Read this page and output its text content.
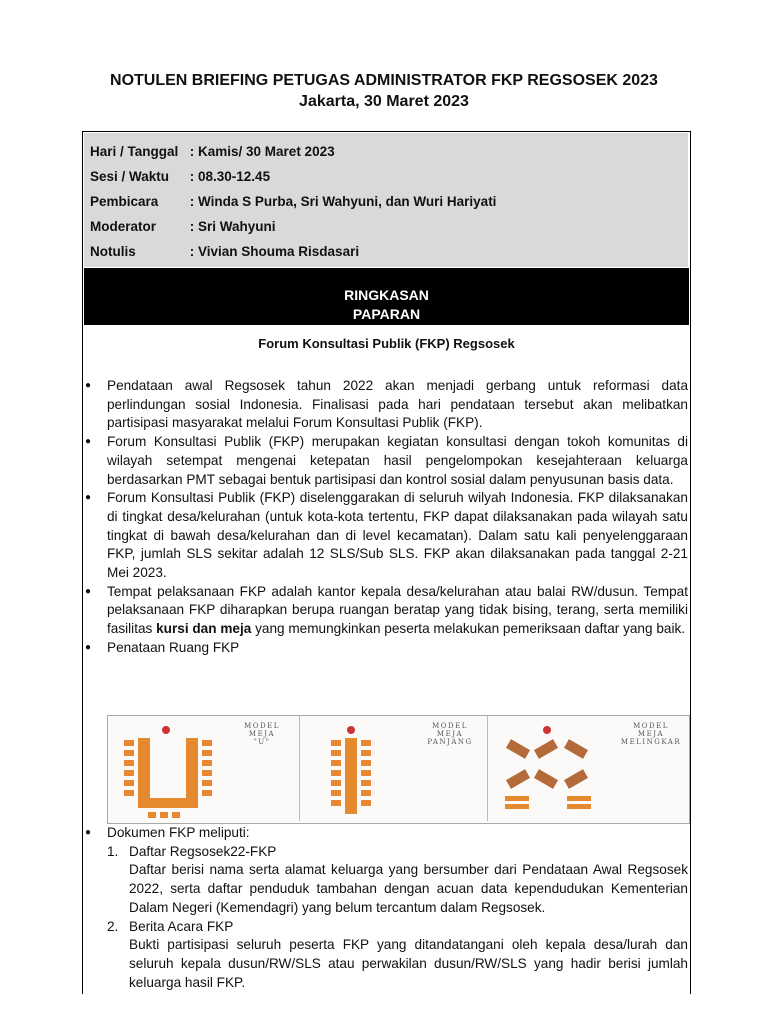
NOTULEN BRIEFING PETUGAS ADMINISTRATOR FKP REGSOSEK 2023
Jakarta, 30 Maret 2023
Hari / Tanggal : Kamis/ 30 Maret 2023
Sesi / Waktu : 08.30-12.45
Pembicara : Winda S Purba, Sri Wahyuni, dan Wuri Hariyati
Moderator	: Sri Wahyuni
Notulis	: Vivian Shouma Risdasari
RINGKASAN
PAPARAN
Forum Konsultasi Publik (FKP) Regsosek
● Pendataan awal Regsosek tahun 2022 akan menjadi gerbang untuk reformasi data perlindungan sosial Indonesia. Finalisasi pada hari pendataan tersebut akan melibatkan partisipasi masyarakat melalui Forum Konsultasi Publik (FKP).
● Forum Konsultasi Publik (FKP) merupakan kegiatan konsultasi dengan tokoh komunitas di wilayah setempat mengenai ketepatan hasil pengelompokan kesejahteraan keluarga berdasarkan PMT sebagai bentuk partisipasi dan kontrol sosial dalam penyusunan basis data.
● Forum Konsultasi Publik (FKP) diselenggarakan di seluruh wilyah Indonesia. FKP dilaksanakan di tingkat desa/kelurahan (untuk kota-kota tertentu, FKP dapat dilaksanakan pada wilayah satu tingkat di bawah desa/kelurahan dan di level kecamatan). Dalam satu kali penyelenggaraan FKP, jumlah SLS sekitar adalah 12 SLS/Sub SLS. FKP akan dilaksanakan pada tanggal 2-21 Mei 2023.
● Tempat pelaksanaan FKP adalah kantor kepala desa/kelurahan atau balai RW/dusun. Tempat pelaksanaan FKP diharapkan berupa ruangan beratap yang tidak bising, terang, serta memiliki fasilitas kursi dan meja yang memungkinkan peserta melakukan pemeriksaan daftar yang baik.
● Penataan Ruang FKP
MODEL MEJA
"U"
MODEL MEJA
PANJANG
MODEL MEJA
MELINGKAR
● Dokumen FKP meliputi:
1. Daftar Regsosek22-FKP
Daftar berisi nama serta alamat keluarga yang bersumber dari Pendataan Awal Regsosek 2022, serta daftar penduduk tambahan dengan acuan data kependudukan Kementerian Dalam Negeri (Kemendagri) yang belum tercantum dalam Regsosek.
2. Berita Acara FKP
Bukti partisipasi seluruh peserta FKP yang ditandatangani oleh kepala desa/lurah dan seluruh kepala dusun/RW/SLS atau perwakilan dusun/RW/SLS yang hadir berisi jumlah keluarga hasil FKP.
